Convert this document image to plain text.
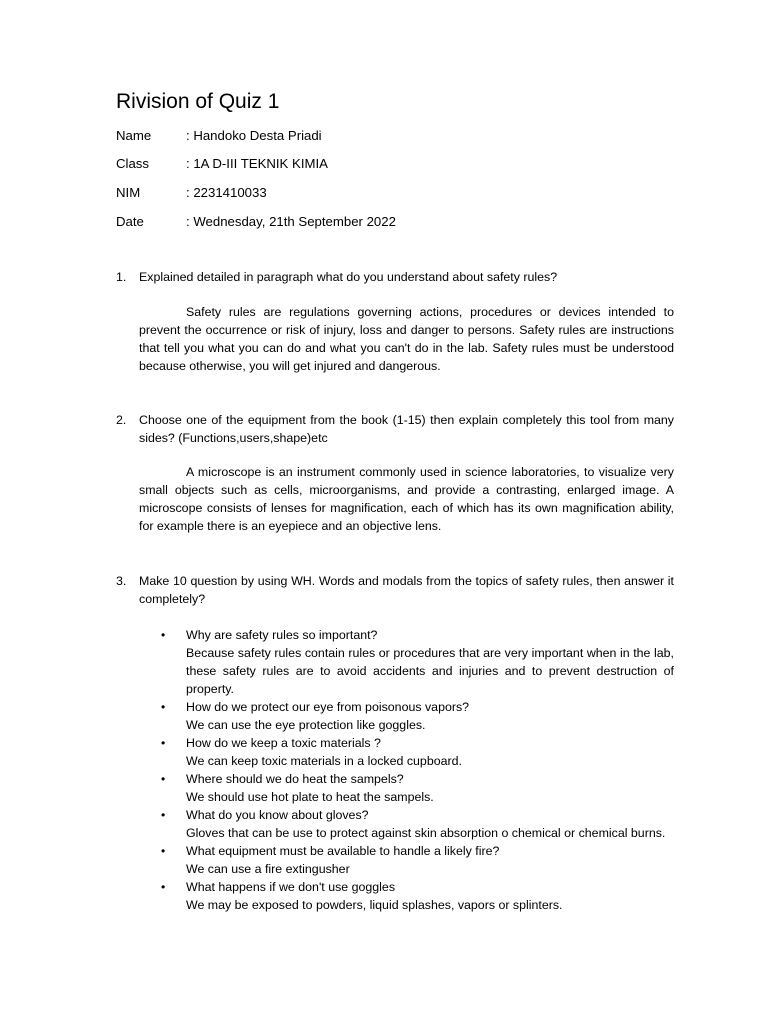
Rivision of Quiz 1
Name	: Handoko Desta Priadi
Class	: 1A D-III TEKNIK KIMIA
NIM	: 2231410033
Date	: Wednesday, 21th September 2022
1. Explained detailed in paragraph what do you understand about safety rules?
Safety rules are regulations governing actions, procedures or devices intended to prevent the occurrence or risk of injury, loss and danger to persons. Safety rules are instructions that tell you what you can do and what you can't do in the lab. Safety rules must be understood because otherwise, you will get injured and dangerous.
2. Choose one of the equipment from the book (1-15) then explain completely this tool from many sides? (Functions,users,shape)etc
A microscope is an instrument commonly used in science laboratories, to visualize very small objects such as cells, microorganisms, and provide a contrasting, enlarged image. A microscope consists of lenses for magnification, each of which has its own magnification ability, for example there is an eyepiece and an objective lens.
3. Make 10 question by using WH. Words and modals from the topics of safety rules, then answer it completely?
• Why are safety rules so important?
Because safety rules contain rules or procedures that are very important when in the lab, these safety rules are to avoid accidents and injuries and to prevent destruction of property.
• How do we protect our eye from poisonous vapors?
We can use the eye protection like goggles.
• How do we keep a toxic materials ?
We can keep toxic materials in a locked cupboard.
• Where should we do heat the sampels?
We should use hot plate to heat the sampels.
• What do you know about gloves?
Gloves that can be use to protect against skin absorption o chemical or chemical burns.
• What equipment must be available to handle a likely fire?
We can use a fire extingusher
• What happens if we don't use goggles
We may be exposed to powders, liquid splashes, vapors or splinters.
